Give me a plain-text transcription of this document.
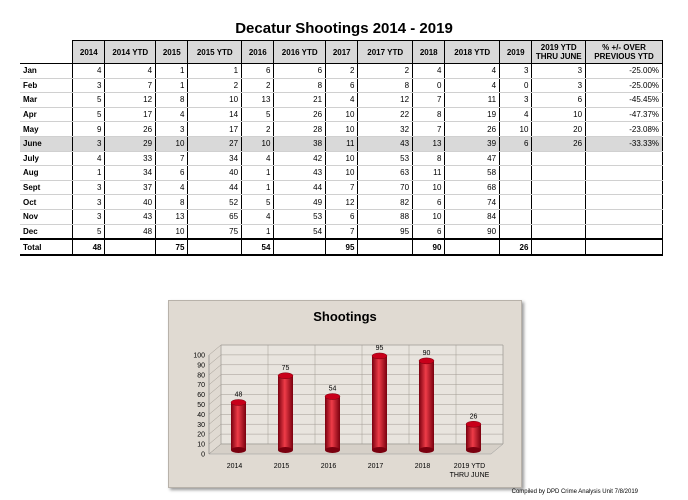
Decatur Shootings 2014 - 2019
	2014	2014 YTD	2015	2015 YTD	2016	2016 YTD	2017	2017 YTD	2018	2018 YTD	2019	2019 YTD THRU JUNE	% +/- OVER PREVIOUS YTD
Jan	4	4	1	1	6	6	2	2	4	4	3	3	-25.00%
Feb	3	7	1	2	2	8	6	8	0	4	0	3	-25.00%
Mar	5	12	8	10	13	21	4	12	7	11	3	6	-45.45%
Apr	5	17	4	14	5	26	10	22	8	19	4	10	-47.37%
May	9	26	3	17	2	28	10	32	7	26	10	20	-23.08%
June	3	29	10	27	10	38	11	43	13	39	6	26	-33.33%
July	4	33	7	34	4	42	10	53	8	47			
Aug	1	34	6	40	1	43	10	63	11	58			
Sept	3	37	4	44	1	44	7	70	10	68			
Oct	3	40	8	52	5	49	12	82	6	74			
Nov	3	43	13	65	4	53	6	88	10	84			
Dec	5	48	10	75	1	54	7	95	6	90			
Total	48		75		54		95		90		26		
Shootings
0
10
20
30
40
50
60
70
80
90
100
48
2014
75
2015
54
2016
95
2017
90
2018
26
2019 YTD
THRU JUNE
Compiled by DPD Crime Analysis Unit 7/8/2019
